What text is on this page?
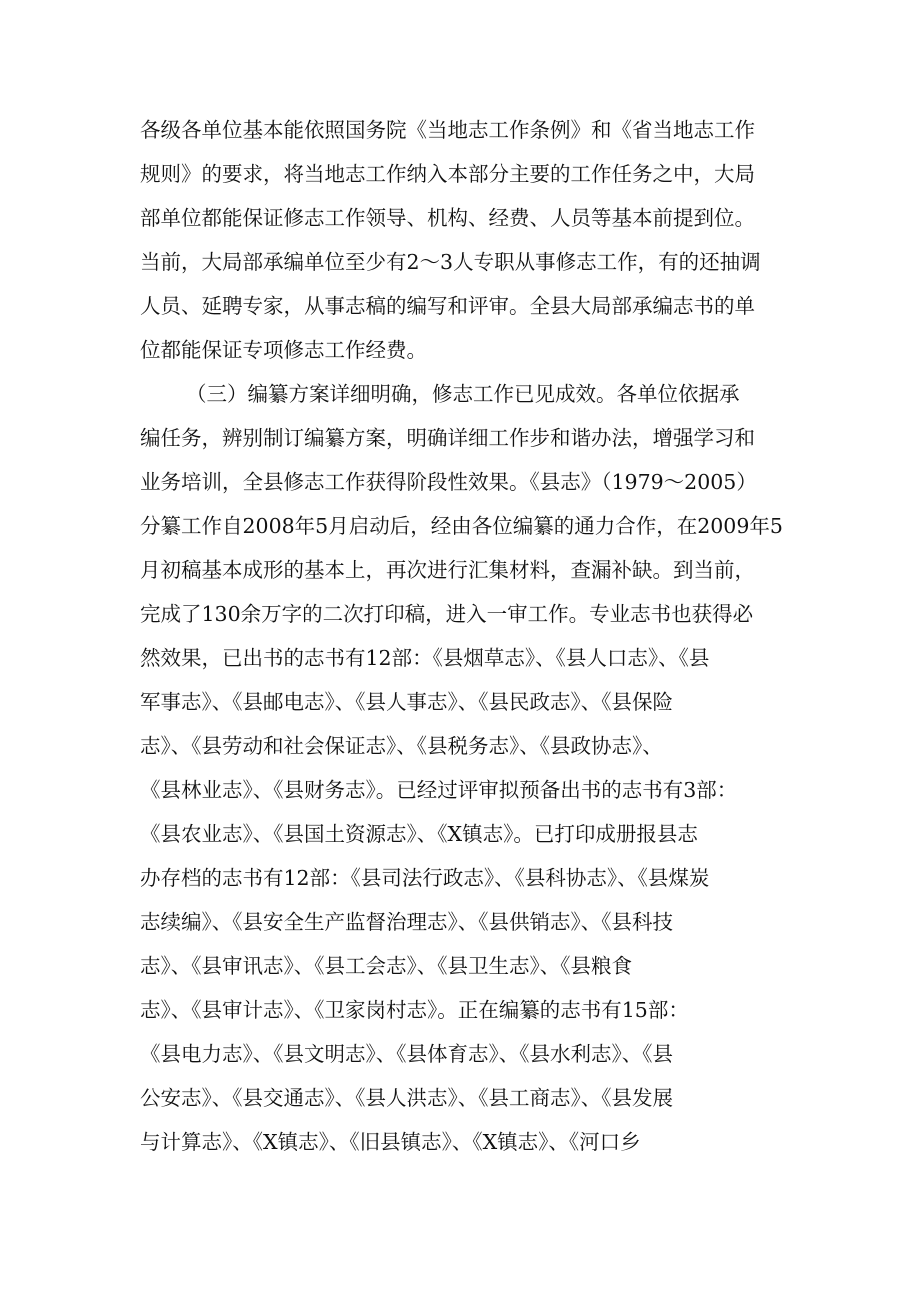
各级各单位基本能依照国务院《当地志工作条例》和《省当地志工作
规则》的要求，将当地志工作纳入本部分主要的工作任务之中，大局
部单位都能保证修志工作领导、机构、经费、人员等基本前提到位。
当前，大局部承编单位至少有2～3人专职从事修志工作，有的还抽调
人员、延聘专家，从事志稿的编写和评审。全县大局部承编志书的单
位都能保证专项修志工作经费。
（三）编纂方案详细明确，修志工作已见成效。各单位依据承
编任务，辨别制订编纂方案，明确详细工作步和谐办法，增强学习和
业务培训，全县修志工作获得阶段性效果。《县志》（1979～2005）
分纂工作自2008年5月启动后，经由各位编纂的通力合作，在2009年5
月初稿基本成形的基本上，再次进行汇集材料，查漏补缺。到当前，
完成了130余万字的二次打印稿，进入一审工作。专业志书也获得必
然效果，已出书的志书有12部：《县烟草志》、《县人口志》、《县
军事志》、《县邮电志》、《县人事志》、《县民政志》、《县保险
志》、《县劳动和社会保证志》、《县税务志》、《县政协志》、
《县林业志》、《县财务志》。已经过评审拟预备出书的志书有3部：
《县农业志》、《县国土资源志》、《X镇志》。已打印成册报县志
办存档的志书有12部：《县司法行政志》、《县科协志》、《县煤炭
志续编》、《县安全生产监督治理志》、《县供销志》、《县科技
志》、《县审讯志》、《县工会志》、《县卫生志》、《县粮食
志》、《县审计志》、《卫家岗村志》。正在编纂的志书有15部：
《县电力志》、《县文明志》、《县体育志》、《县水利志》、《县
公安志》、《县交通志》、《县人洪志》、《县工商志》、《县发展
与计算志》、《X镇志》、《旧县镇志》、《X镇志》、《河口乡
